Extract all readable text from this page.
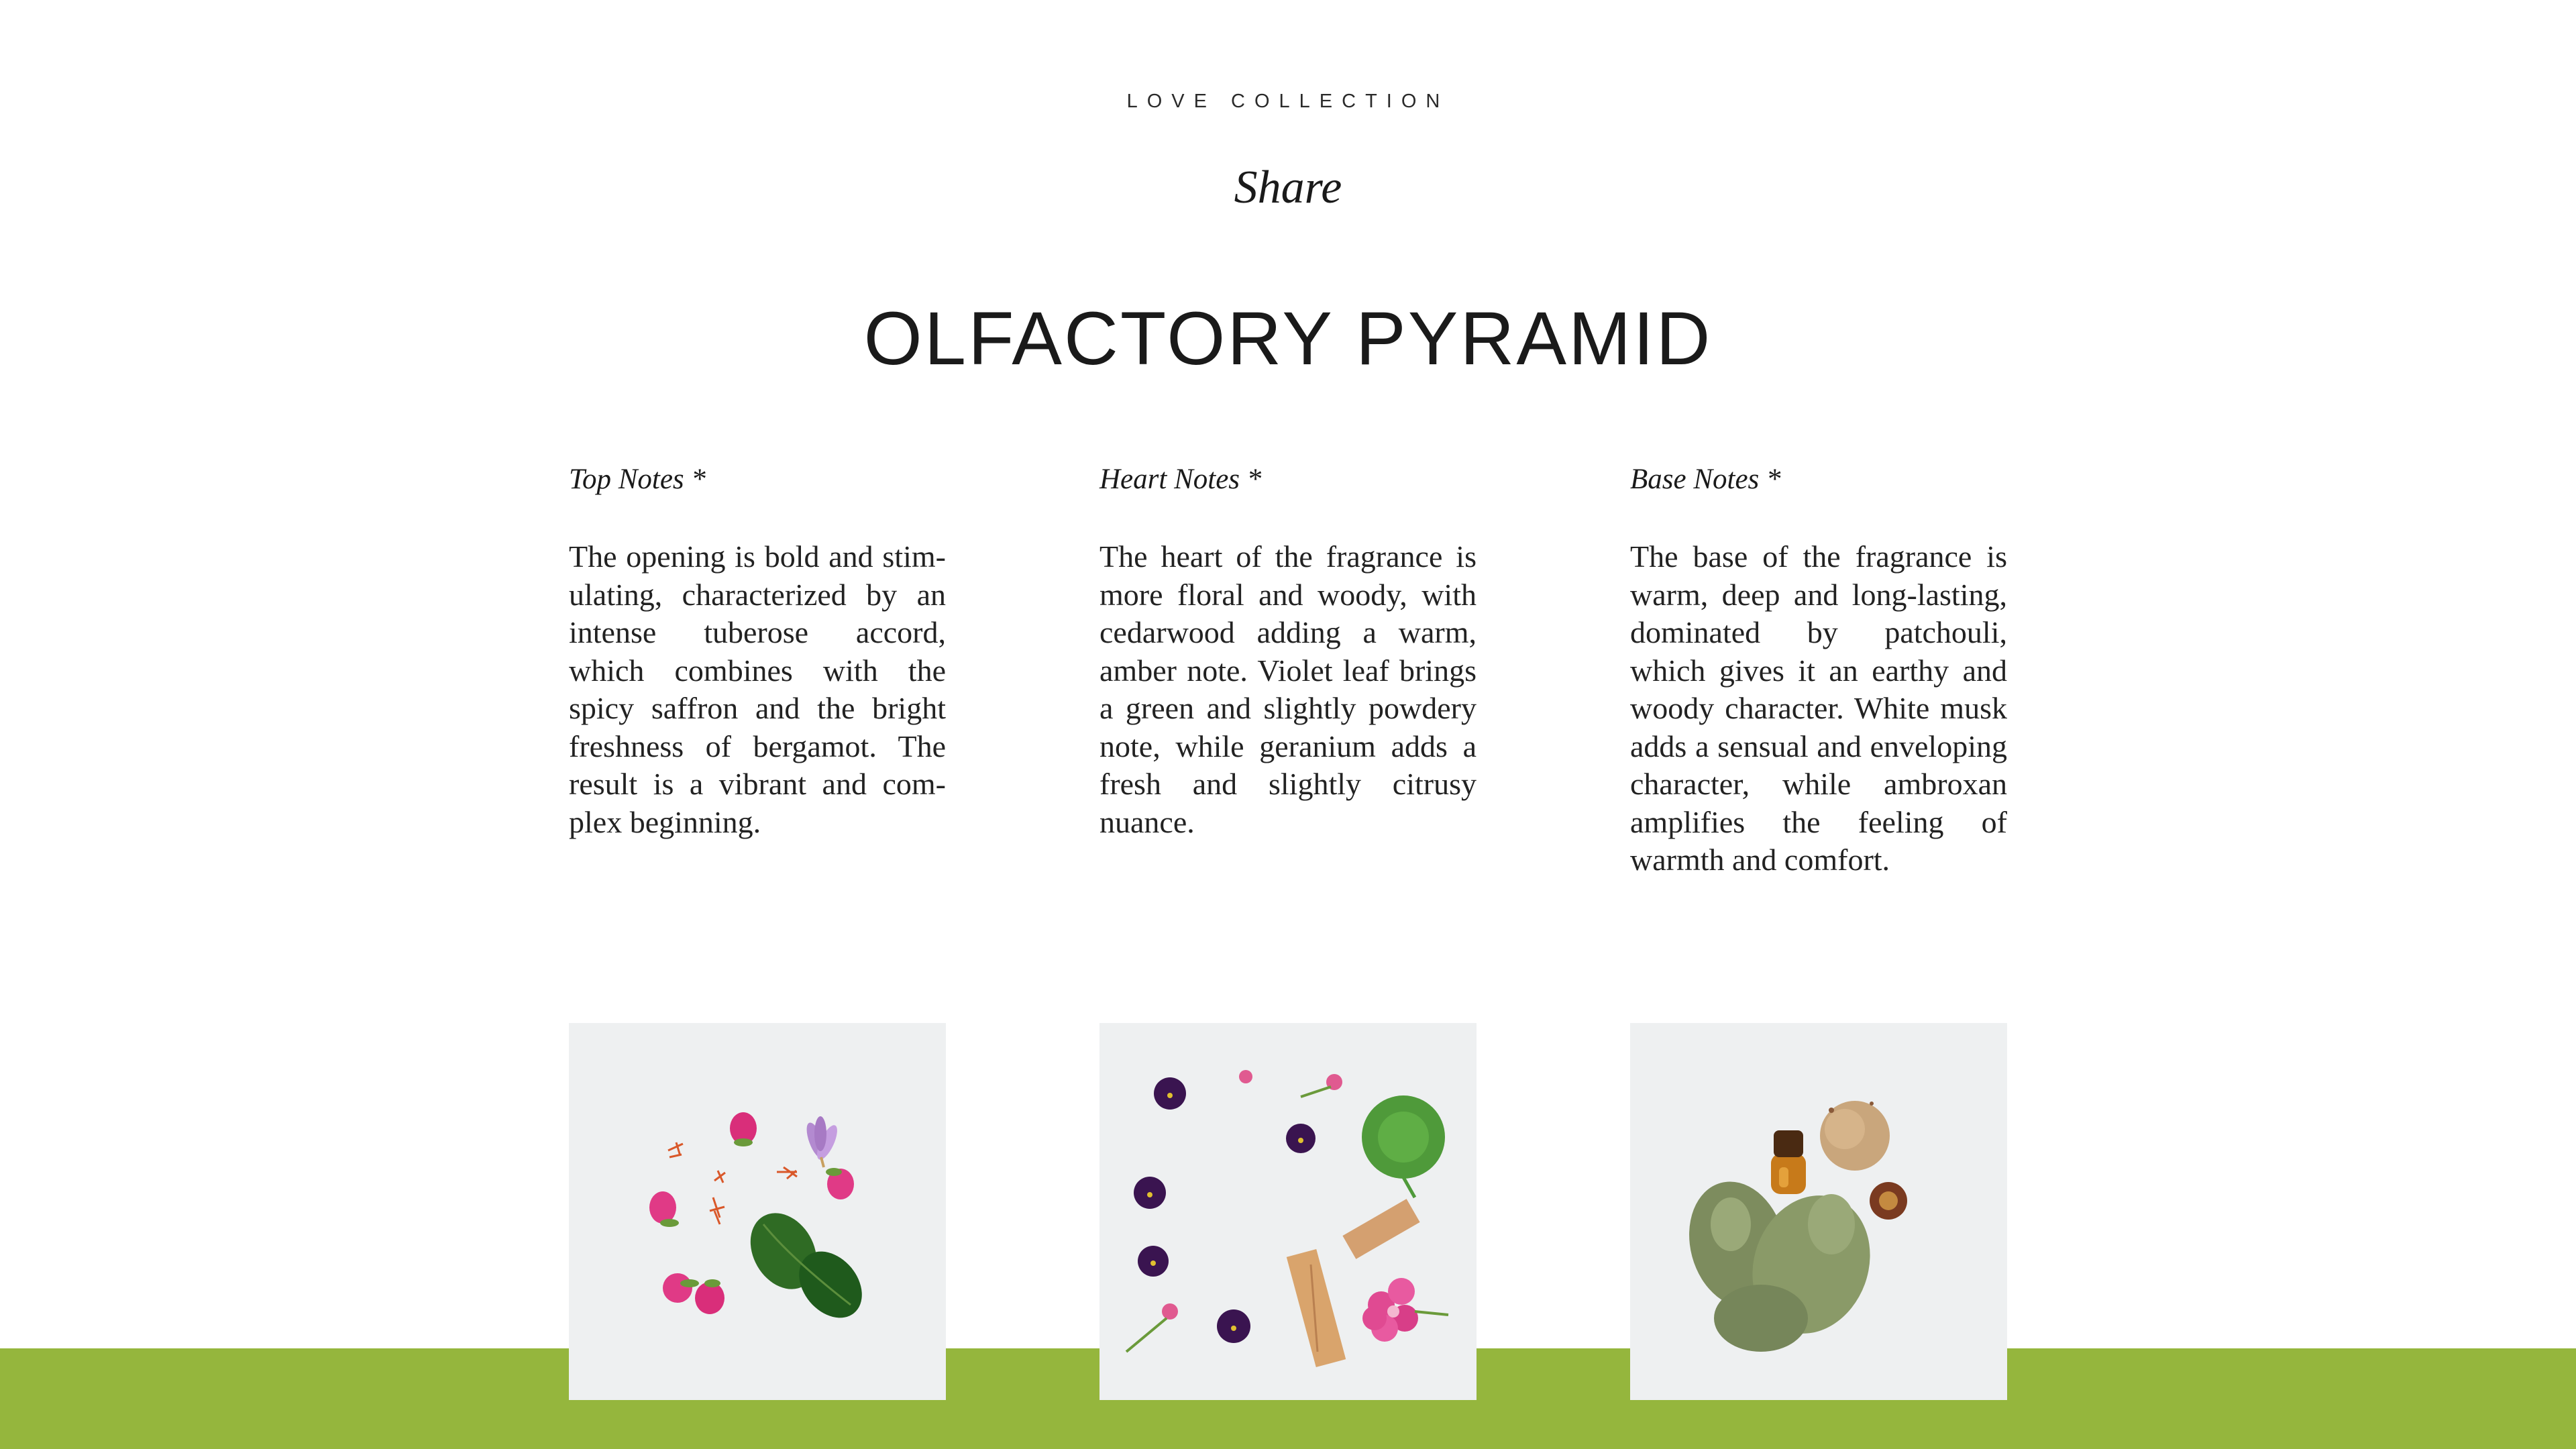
LOVE COLLECTION
Share
OLFACTORY PYRAMID
Top Notes *

The opening is bold and stimulating, characterized by an intense tuberose accord, which combines with the spicy saffron and the bright freshness of bergamot. The result is a vibrant and complex beginning.

Heart Notes *

The heart of the fragrance is more floral and woody, with cedarwood adding a warm, amber note. Violet leaf brings a green and slightly powdery note, while geranium adds a fresh and slightly citrusy nuance.

Base Notes *

The base of the fragrance is warm, deep and long-lasting, dominated by patchouli, which gives it an earthy and woody character. White musk adds a sensual and enveloping character, while ambroxan amplifies the feeling of warmth and comfort.
